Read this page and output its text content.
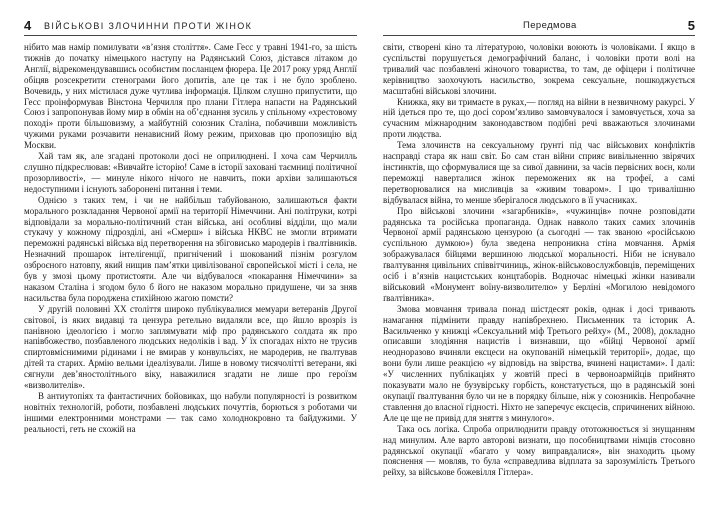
4 ВІЙСЬКОВІ ЗЛОЧИННИ ПРОТИ ЖІНОК

нібито мав намір помилувати «в’язня століття». Саме Гесс у травні 1941-го, за шість тижнів до початку німецького наступу на Радянський Союз, дістався літаком до Англії, відрекомендувавшись особистим посланцем фюрера. Це 2017 року уряд Англії обіцяв розсекретити стенограми його допитів, але це так і не було зроблено. Вочевидь, у них містилася дуже чутлива інформація. Цілком слушно припустити, що Гесс проінформував Вінстона Черчилля про плани Гітлера напасти на Радянський Союз і запропонував йому мир в обмін на об’єднання зусиль у спільному «хрестовому поході» проти більшовизму, а майбутній союзник Сталіна, побачивши можливість чужими руками розчавити ненависний йому режим, приховав цю пропозицію від Москви.

Хай там як, але згадані протоколи досі не оприлюднені. І хоча сам Черчилль слушно підкреслював: «Вивчайте історію! Саме в історії заховані таємниці політичної прозорливості», — минуле нікого нічого не навчить, поки архіви залишаються недоступними і існують заборонені питання і теми.

Однією з таких тем, і чи не найбільш табуйованою, залишаються факти морального розкладання Червоної армії на території Німеччини. Ані політруки, котрі відповідали за морально-політичний стан війська, ані особливі відділи, що мали стукачу у кожному підрозділі, ані «Смерш» і війська НКВС не змогли втримати переможні радянські війська від перетворення на збіговисько мародерів і ґвалтівників. Незначний прошарок інтелігенції, пригнічений і шокований пізнім розгулом озброєного натовпу, який нищив пам’ятки цивілізованої європейської місті і села, не був у змозі цьому протистояти. Але чи відбувалося «покарання Німеччини» за наказом Сталіна і згодом було б його не наказом морально придушене, чи за зняв насильства була породжена стихійною жагою помсти?

У другій половині XX століття широко публікувалися мемуари ветеранів Другої світової, із яких видавці та цензура ретельно видаляли все, що йшло врозріз із панівною ідеологією і могло заплямувати міф про радянського солдата як про напівбожество, позбавленого людських недоліків і вад. У їх спогадах ніхто не трусив спиртовміснимими рідинами і не вмирав у конвульсіях, не мародерив, не ґвалтував дітей та старих. Армію вельми ідеалізували. Лише в новому тисячолітті ветерани, які сягнули дев’яностолітнього віку, наважилися згадати не лише про героїзм «визволителів».

В антиутопіях та фантастичних бойовиках, що набули популярності із розвитком новітніх технологій, роботи, позбавлені людських почуттів, борються з роботами чи іншими електронними монстрами — так само холоднокровно та байдужими. У реальності, геть не схожій на

Передмова	5

світи, створені кіно та літературою, чоловіки воюють із чоловіками. І якщо в суспільстві порушується демографічний баланс, і чоловіки проти волі на тривалий час позбавлені жіночого товариства, то там, де офіцери і політичне керівництво заохочують насильство, зокрема сексуальне, пошкоджується масштабні військові злочини.

Книжка, яку ви тримаєте в руках,— погляд на війни в незвичному ракурсі. У ній ідеться про те, що досі сором’язливо замовчувалося і замовчується, хоча за сучасним міжнародним законодавством подібні речі вважаються злочинами проти людства.

Тема злочинств на сексуальному ґрунті під час військових конфліктів насправді стара як наш світ. Бо сам стан війни сприяє вивільненню звірячих інстинктів, що сформувалися ще за сивої давнини, за часів первісних воєн, коли переможці наверталися жінок переможених як на трофеї, а самі перетворювалися на мисливців за «живим товаром». І цю тривалішню відбувалася війна, то менше зберігалося людського в її учасниках.

Про військові злочини «загарбників», «чужинців» почне розповідати радянська та російська пропаганда. Однак навколо таких самих злочинів Червоної армії радянською цензурою (а сьогодні — так званою «російською суспільною думкою») була зведена непроникна стіна мовчання. Армія зображувалася бійцями вершиною людської моральності. Ніби не існувало ґвалтування цивільних співвітчиниць, жінок-військовослужбовців, переміщених осіб і в’язнів нацистських концтаборів. Водночас німецькі жінки називали військовий «Монумент воїну-визволителю» у Берліні «Могилою невідомого ґвалтівника».

Змова мовчання тривала понад шістдесят років, однак і досі тривають намагання підмінити правду напівбрехнею. Письменник та історик А. Васильченко у книжці «Сексуальний міф Третього рейху» (М., 2008), докладно описавши злодіяння нацистів і визнавши, що «бійці Червоної армії неодноразово вчиняли ексцеси на окупованій німецькій території», додає, що вони були лише реакцією «у відповідь на звірства, вчинені нацистами». І далі: «У численних публікаціях у жовтій пресі в червоноармійців прийнято показувати мало не бузувірську горбість, констатується, що в радянській зоні окупації ґвалтування було чи не в порядку більше, ніж у союзників. Непробачне ставлення до власної гідності. Ніхто не заперечує ексцесів, спричинених війною. Але це ще не привід для зняття з минулого».

Така ось логіка. Спроба оприлюднити правду ототожнюється зі знущанням над минулим. Але варто авторові визнати, що пособництвами німців стосовно радянської окупації «багато у чому виправдалися», він знаходить цьому пояснення — мовляв, то була «справедлива відплата за зарозумілість Третього рейху, за військове божевілля Гітлера».
